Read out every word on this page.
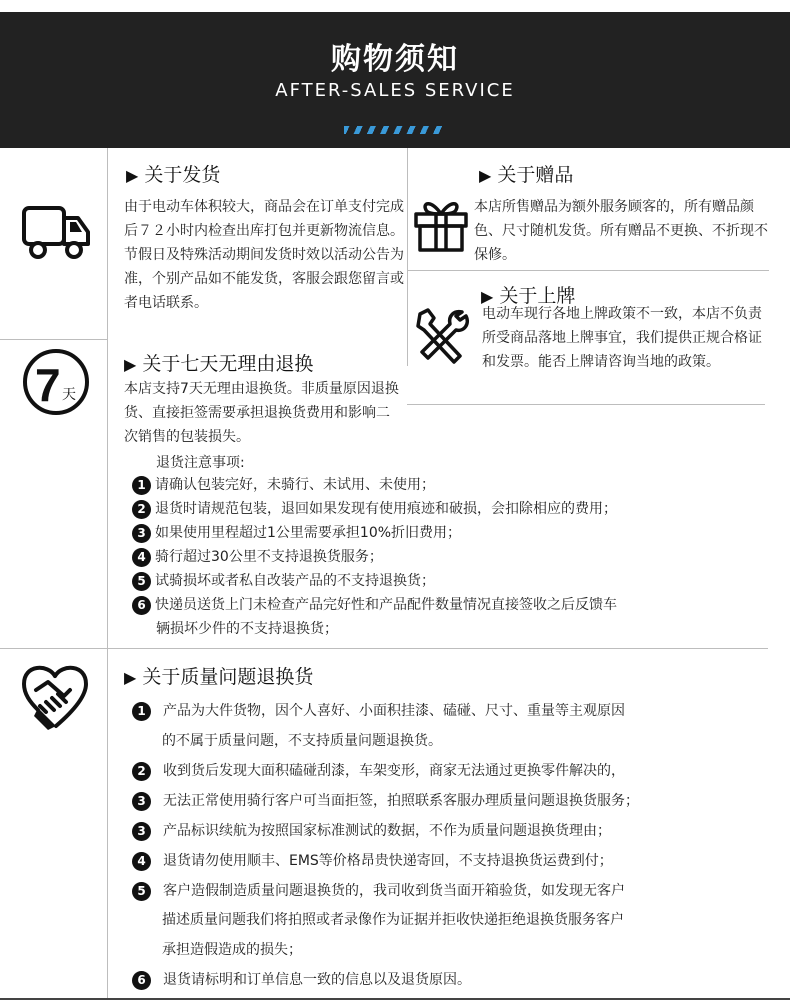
购物须知
AFTER-SALES SERVICE
▶ 关于发货
由于电动车体积较大，商品会在订单支付完成后７２小时内检查出库打包并更新物流信息。节假日及特殊活动期间发货时效以活动公告为准，个别产品如不能发货，客服会跟您留言或者电话联系。
▶ 关于赠品
本店所售赠品为额外服务顾客的，所有赠品颜色、尺寸随机发货。所有赠品不更换、不折现不保修。
▶ 关于上牌
电动车现行各地上牌政策不一致，本店不负责所受商品落地上牌事宜，我们提供正规合格证和发票。能否上牌请咨询当地的政策。
7 天
▶ 关于七天无理由退换
本店支持7天无理由退换货。非质量原因退换货、直接拒签需要承担退换货费用和影响二次销售的包装损失。
退货注意事项:
1 请确认包装完好，未骑行、未试用、未使用；
2 退货时请规范包装，退回如果发现有使用痕迹和破损，会扣除相应的费用；
3 如果使用里程超过1公里需要承担10%折旧费用；
4 骑行超过30公里不支持退换货服务；
5 试骑损坏或者私自改装产品的不支持退换货；
6 快递员送货上门未检查产品完好性和产品配件数量情况直接签收之后反馈车
辆损坏少件的不支持退换货；
▶ 关于质量问题退换货
1 产品为大件货物，因个人喜好、小面积挂漆、磕碰、尺寸、重量等主观原因
的不属于质量问题，不支持质量问题退换货。
2 收到货后发现大面积磕碰刮漆，车架变形，商家无法通过更换零件解决的，
3 无法正常使用骑行客户可当面拒签，拍照联系客服办理质量问题退换货服务；
3 产品标识续航为按照国家标准测试的数据，不作为质量问题退换货理由；
4 退货请勿使用顺丰、EMS等价格昂贵快递寄回，不支持退换货运费到付；
5 客户造假制造质量问题退换货的，我司收到货当面开箱验货，如发现无客户
描述质量问题我们将拍照或者录像作为证据并拒收快递拒绝退换货服务客户
承担造假造成的损失；
6 退货请标明和订单信息一致的信息以及退货原因。
